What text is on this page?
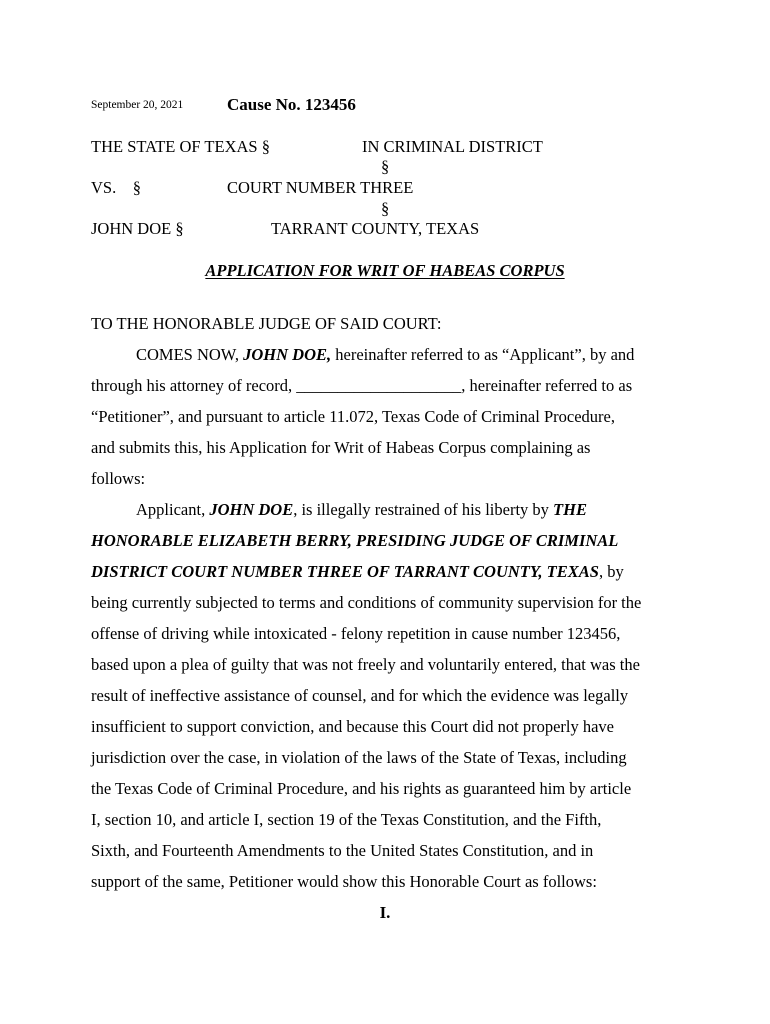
September 20, 2021	Cause No. 123456
THE STATE OF TEXAS §	IN CRIMINAL DISTRICT
§
VS.    §	COURT NUMBER THREE
§
JOHN DOE §	TARRANT COUNTY, TEXAS
APPLICATION FOR WRIT OF HABEAS CORPUS
TO THE HONORABLE JUDGE OF SAID COURT:
COMES NOW, JOHN DOE, hereinafter referred to as “Applicant”, by and
through his attorney of record, ____________________, hereinafter referred to as
“Petitioner”, and pursuant to article 11.072, Texas Code of Criminal Procedure,
and submits this, his Application for Writ of Habeas Corpus complaining as
follows:
Applicant, JOHN DOE, is illegally restrained of his liberty by THE
HONORABLE ELIZABETH BERRY, PRESIDING JUDGE OF CRIMINAL
DISTRICT COURT NUMBER THREE OF TARRANT COUNTY, TEXAS, by
being currently subjected to terms and conditions of community supervision for the
offense of driving while intoxicated - felony repetition in cause number 123456,
based upon a plea of guilty that was not freely and voluntarily entered, that was the
result of ineffective assistance of counsel, and for which the evidence was legally
insufficient to support conviction, and because this Court did not properly have
jurisdiction over the case, in violation of the laws of the State of Texas, including
the Texas Code of Criminal Procedure, and his rights as guaranteed him by article
I, section 10, and article I, section 19 of the Texas Constitution, and the Fifth,
Sixth, and Fourteenth Amendments to the United States Constitution, and in
support of the same, Petitioner would show this Honorable Court as follows:
I.
